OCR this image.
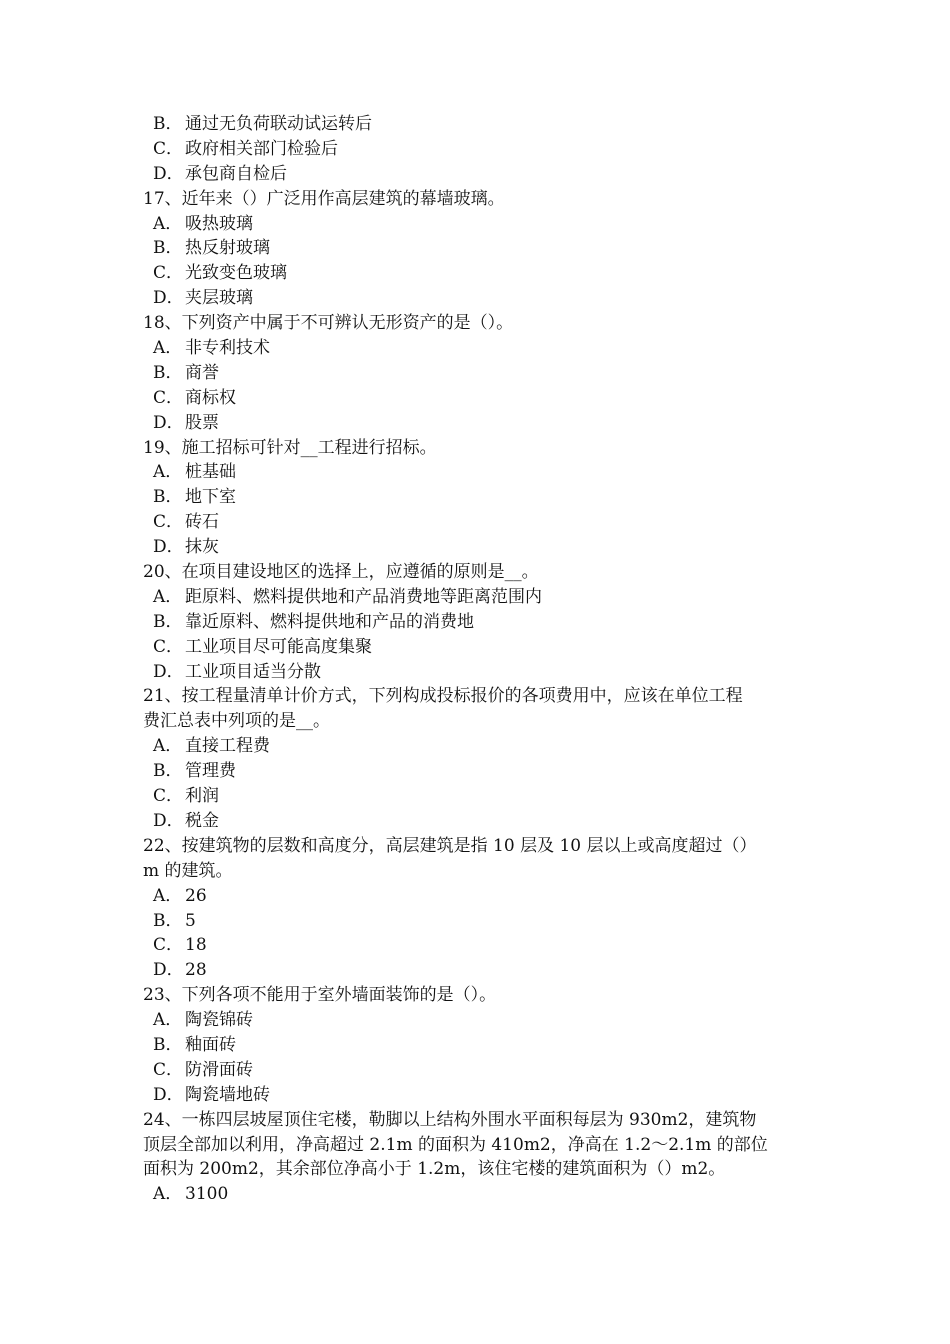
B． 通过无负荷联动试运转后
C． 政府相关部门检验后
D．承包商自检后
17、近年来（）广泛用作高层建筑的幕墙玻璃。
A． 吸热玻璃
B． 热反射玻璃
C． 光致变色玻璃
D．夹层玻璃
18、下列资产中属于不可辨认无形资产的是（）。
A． 非专利技术
B． 商誉
C． 商标权
D．股票
19、施工招标可针对__工程进行招标。
A． 桩基础
B． 地下室
C． 砖石
D．抹灰
20、在项目建设地区的选择上，应遵循的原则是__。
A． 距原料、燃料提供地和产品消费地等距离范围内
B． 靠近原料、燃料提供地和产品的消费地
C． 工业项目尽可能高度集聚
D．工业项目适当分散
21、按工程量清单计价方式，下列构成投标报价的各项费用中，应该在单位工程
费汇总表中列项的是__。
A． 直接工程费
B． 管理费
C． 利润
D．税金
22、按建筑物的层数和高度分，高层建筑是指 10 层及 10 层以上或高度超过（）
m 的建筑。
A． 26
B． 5
C． 18
D．28
23、下列各项不能用于室外墙面装饰的是（）。
A． 陶瓷锦砖
B． 釉面砖
C． 防滑面砖
D．陶瓷墙地砖
24、一栋四层坡屋顶住宅楼，勒脚以上结构外围水平面积每层为 930m2，建筑物
顶层全部加以利用，净高超过 2.1m 的面积为 410m2，净高在 1.2～2.1m 的部位
面积为 200m2，其余部位净高小于 1.2m，该住宅楼的建筑面积为（）m2。
A． 3100
